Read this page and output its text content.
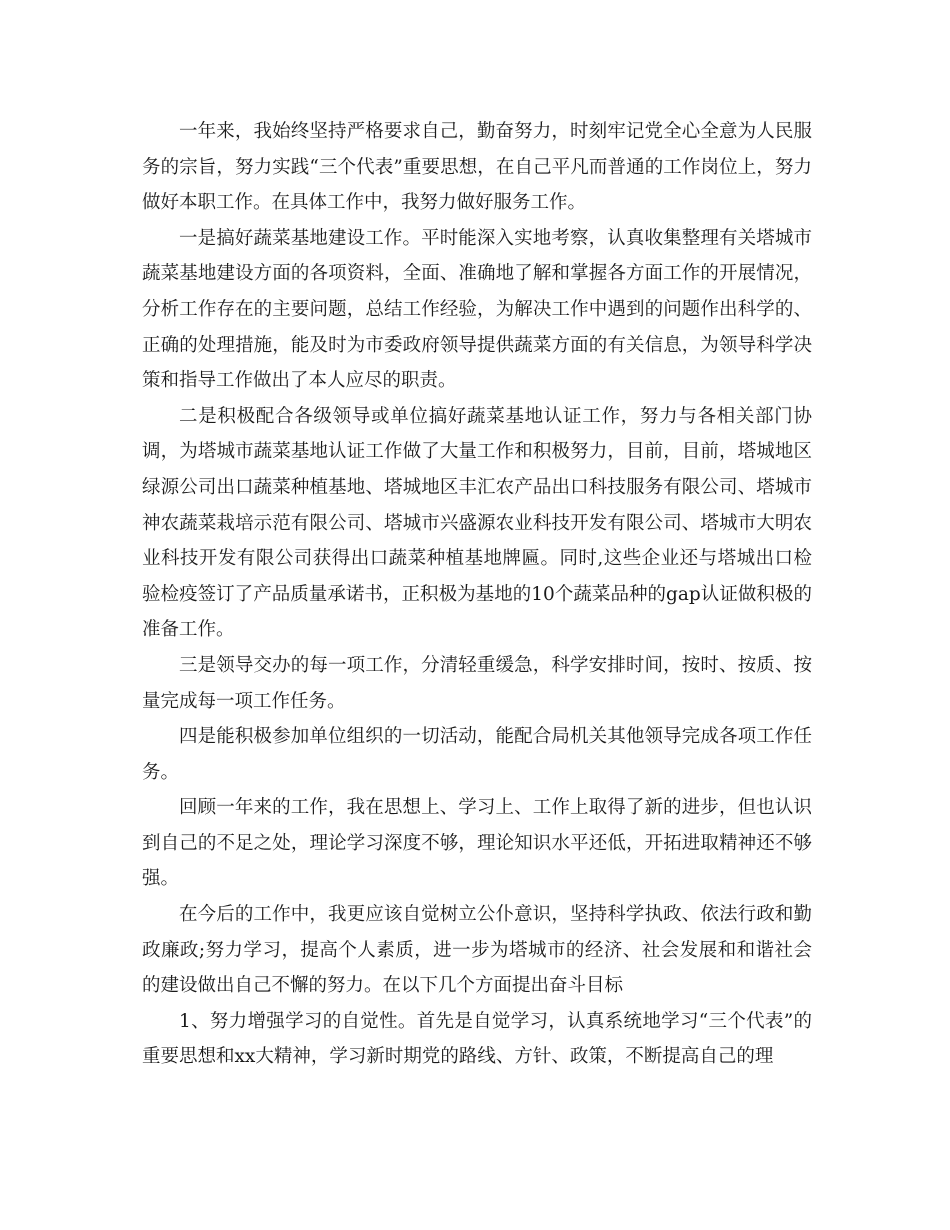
一年来，我始终坚持严格要求自己，勤奋努力，时刻牢记党全心全意为人民服务的宗旨，努力实践“三个代表”重要思想，在自己平凡而普通的工作岗位上，努力做好本职工作。在具体工作中，我努力做好服务工作。

一是搞好蔬菜基地建设工作。平时能深入实地考察，认真收集整理有关塔城市蔬菜基地建设方面的各项资料，全面、准确地了解和掌握各方面工作的开展情况，分析工作存在的主要问题，总结工作经验，为解决工作中遇到的问题作出科学的、正确的处理措施，能及时为市委政府领导提供蔬菜方面的有关信息，为领导科学决策和指导工作做出了本人应尽的职责。

二是积极配合各级领导或单位搞好蔬菜基地认证工作，努力与各相关部门协调，为塔城市蔬菜基地认证工作做了大量工作和积极努力，目前，目前，塔城地区绿源公司出口蔬菜种植基地、塔城地区丰汇农产品出口科技服务有限公司、塔城市神农蔬菜栽培示范有限公司、塔城市兴盛源农业科技开发有限公司、塔城市大明农业科技开发有限公司获得出口蔬菜种植基地牌匾。同时,这些企业还与塔城出口检验检疫签订了产品质量承诺书，正积极为基地的10个蔬菜品种的gap认证做积极的准备工作。

三是领导交办的每一项工作，分清轻重缓急，科学安排时间，按时、按质、按量完成每一项工作任务。

四是能积极参加单位组织的一切活动，能配合局机关其他领导完成各项工作任务。

回顾一年来的工作，我在思想上、学习上、工作上取得了新的进步，但也认识到自己的不足之处，理论学习深度不够，理论知识水平还低，开拓进取精神还不够强。

在今后的工作中，我更应该自觉树立公仆意识，坚持科学执政、依法行政和勤政廉政;努力学习，提高个人素质，进一步为塔城市的经济、社会发展和和谐社会的建设做出自己不懈的努力。在以下几个方面提出奋斗目标

1、努力增强学习的自觉性。首先是自觉学习，认真系统地学习“三个代表”的重要思想和xx大精神，学习新时期党的路线、方针、政策，不断提高自己的理
